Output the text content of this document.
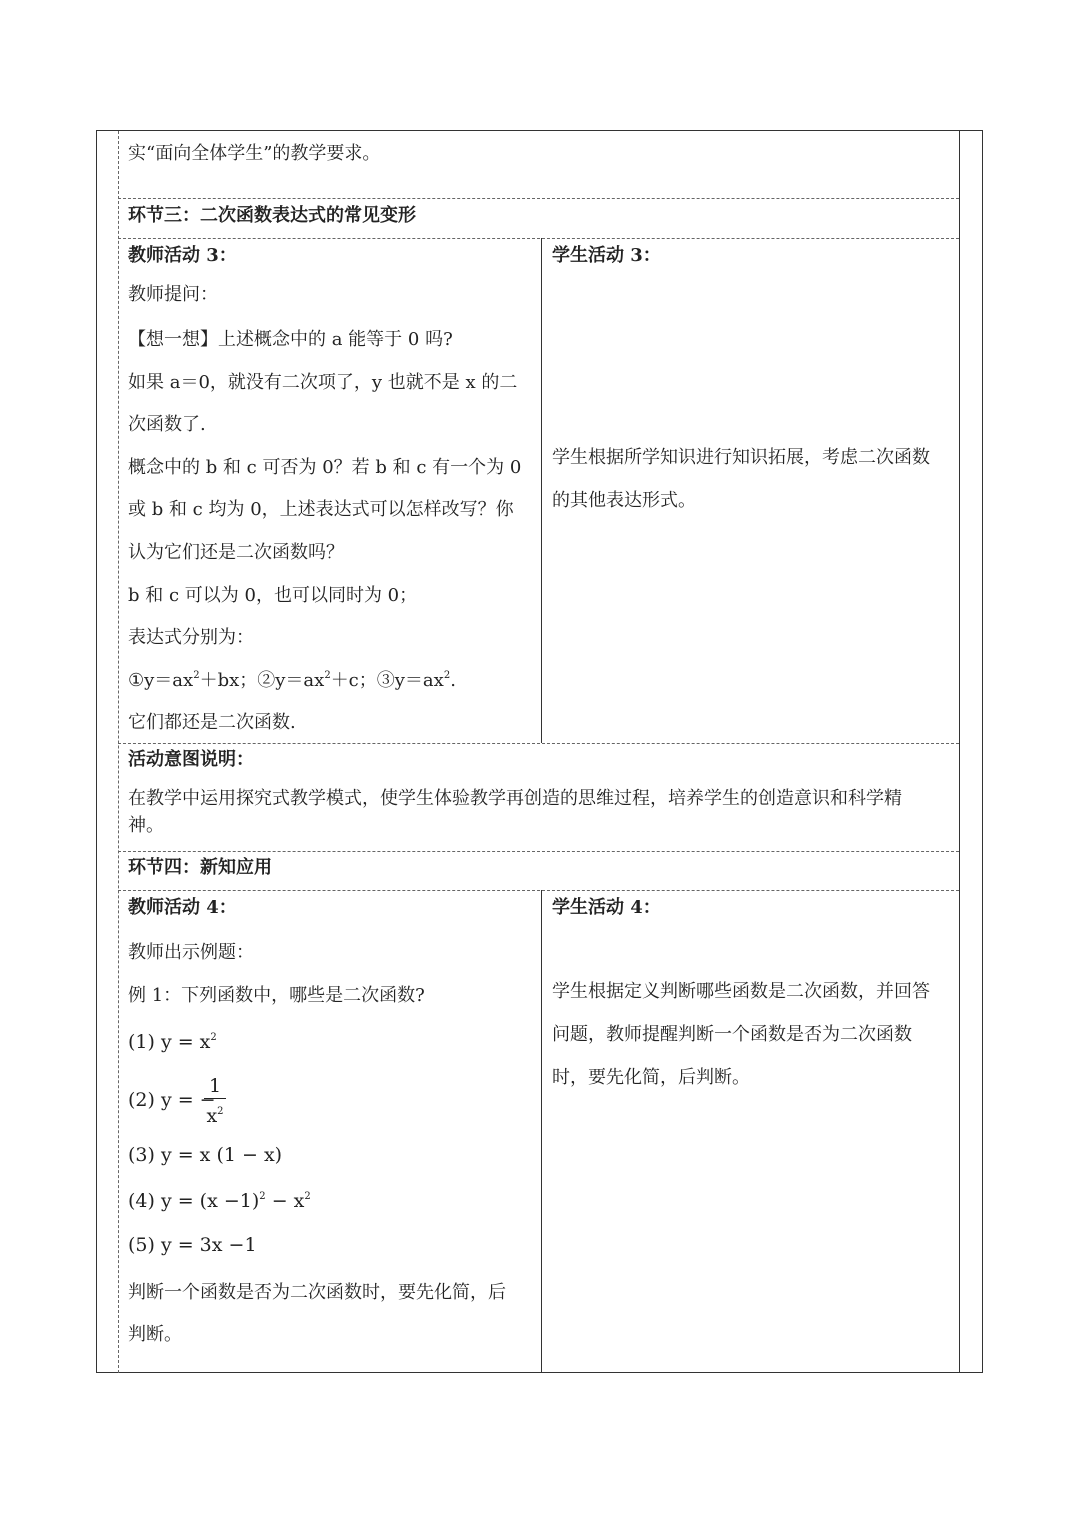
实“面向全体学生”的教学要求。
环节三：二次函数表达式的常见变形
教师活动 3：
教师提问：
【想一想】上述概念中的 a 能等于 0 吗?
如果 a＝0，就没有二次项了，y 也就不是 x 的二
次函数了.
概念中的 b 和 c 可否为 0？若 b 和 c 有一个为 0
或 b 和 c 均为 0，上述表达式可以怎样改写？你
认为它们还是二次函数吗？
b 和 c 可以为 0，也可以同时为 0；
表达式分别为：
$①y=ax^2+bx$；$②y=ax^2+c$；$③y=ax^2$.
它们都还是二次函数.
学生活动 3：
学生根据所学知识进行知识拓展，考虑二次函数
的其他表达形式。
活动意图说明：
在教学中运用探究式教学模式，使学生体验教学再创造的思维过程，培养学生的创造意识和科学精
神。
环节四：新知应用
教师活动 4：
教师出示例题：
例 1：下列函数中，哪些是二次函数?
(1) $y = x^2$
(2) y = −
1
$x^2$
(3) y = x (1 − x)
(4) $y = (x -1)^2 - x^2$
(5) y = 3x −1
判断一个函数是否为二次函数时，要先化简，后
判断。
学生活动 4：
学生根据定义判断哪些函数是二次函数，并回答
问题，教师提醒判断一个函数是否为二次函数
时，要先化简，后判断。
